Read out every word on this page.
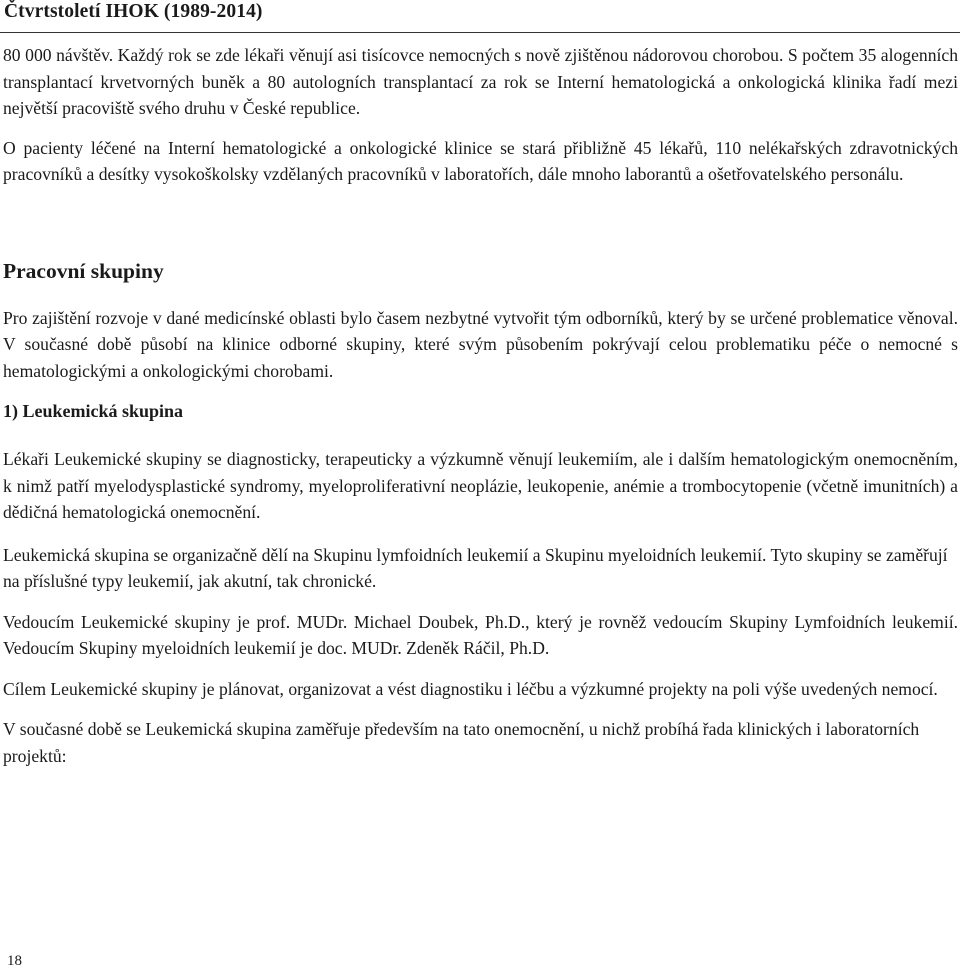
Čtvrtstoletí IHOK (1989-2014)

80 000 návštěv. Každý rok se zde lékaři věnují asi tisícovce nemocných s nově zjištěnou nádorovou chorobou. S počtem 35 alogenních transplantací krvetvorných buněk a 80 autologních transplantací za rok se Interní hematologická a onkologická klinika řadí mezi největší pracoviště svého druhu v České republice.

O pacienty léčené na Interní hematologické a onkologické klinice se stará přibližně 45 lékařů, 110 nelékařských zdravotnických pracovníků a desítky vysokoškolsky vzdělaných pracovníků v laboratořích, dále mnoho laborantů a ošetřovatelského personálu.

Pracovní skupiny

Pro zajištění rozvoje v dané medicínské oblasti bylo časem nezbytné vytvořit tým odborníků, který by se určené problematice věnoval. V současné době působí na klinice odborné skupiny, které svým působením pokrývají celou problematiku péče o nemocné s hematologickými a onkologickými chorobami.

1) Leukemická skupina

Lékaři Leukemické skupiny se diagnosticky, terapeuticky a výzkumně věnují leukemiím, ale i dalším hematologickým onemocněním, k nimž patří myelodysplastické syndromy, myeloproliferativní neoplázie, leukopenie, anémie a trombocytopenie (včetně imunitních) a dědičná hematologická onemocnění.

Leukemická skupina se organizačně dělí na Skupinu lymfoidních leukemií a Skupinu myeloidních leukemií. Tyto skupiny se zaměřují na příslušné typy leukemií, jak akutní, tak chronické.

Vedoucím Leukemické skupiny je prof. MUDr. Michael Doubek, Ph.D., který je rovněž vedoucím Skupiny Lymfoidních leukemií. Vedoucím Skupiny myeloidních leukemií je doc. MUDr. Zdeněk Ráčil, Ph.D.

Cílem Leukemické skupiny je plánovat, organizovat a vést diagnostiku i léčbu a výzkumné projekty na poli výše uvedených nemocí.

V současné době se Leukemická skupina zaměřuje především na tato onemocnění, u nichž probíhá řada klinických i laboratorních projektů:

18
